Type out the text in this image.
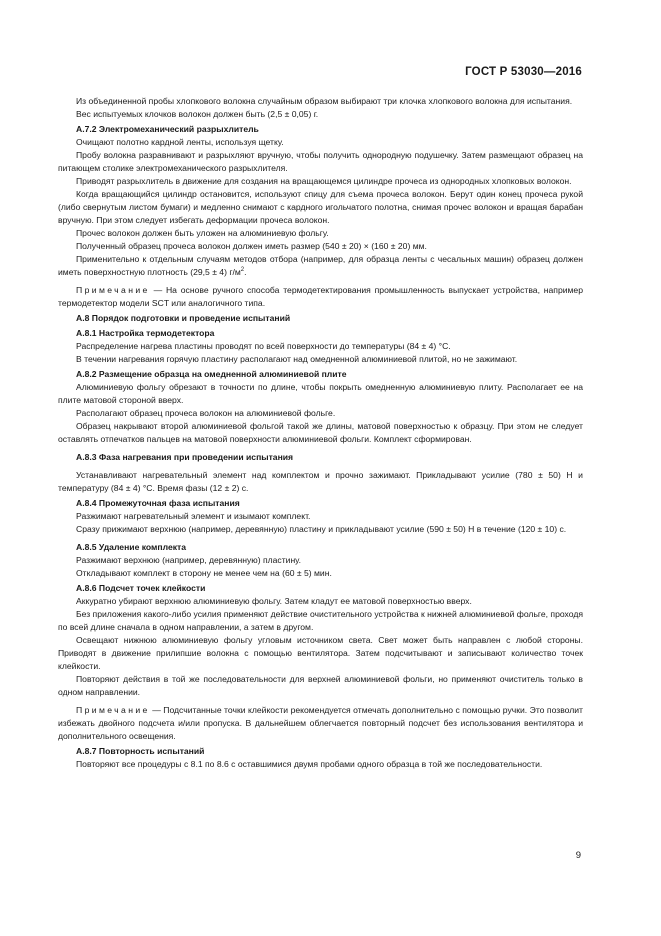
ГОСТ Р 53030—2016
Из объединенной пробы хлопкового волокна случайным образом выбирают три клочка хлопкового волокна для испытания.
Вес испытуемых клочков волокон должен быть (2,5 ± 0,05) г.
А.7.2 Электромеханический разрыхлитель
Очищают полотно кардной ленты, используя щетку.
Пробу волокна разравнивают и разрыхляют вручную, чтобы получить однородную подушечку. Затем размещают образец на питающем столике электромеханического разрыхлителя.
Приводят разрыхлитель в движение для создания на вращающемся цилиндре прочеса из однородных хлопковых волокон.
Когда вращающийся цилиндр остановится, используют спицу для съема прочеса волокон. Берут один конец прочеса рукой (либо свернутым листом бумаги) и медленно снимают с кардного игольчатого полотна, снимая прочес волокон и вращая барабан вручную. При этом следует избегать деформации прочеса волокон.
Прочес волокон должен быть уложен на алюминиевую фольгу.
Полученный образец прочеса волокон должен иметь размер (540 ± 20) × (160 ± 20) мм.
Применительно к отдельным случаям методов отбора (например, для образца ленты с чесальных машин) образец должен иметь поверхностную плотность (29,5 ± 4) $г/м^2$.
Примечание — На основе ручного способа термодетектирования промышленность выпускает устройства, например термодетектор модели SCT или аналогичного типа.
А.8 Порядок подготовки и проведение испытаний
А.8.1 Настройка термодетектора
Распределение нагрева пластины проводят по всей поверхности до температуры (84 ± 4) °С.
В течении нагревания горячую пластину располагают над омедненной алюминиевой плитой, но не зажимают.
А.8.2 Размещение образца на омедненной алюминиевой плите
Алюминиевую фольгу обрезают в точности по длине, чтобы покрыть омедненную алюминиевую плиту. Располагает ее на плите матовой стороной вверх.
Располагают образец прочеса волокон на алюминиевой фольге.
Образец накрывают второй алюминиевой фольгой такой же длины, матовой поверхностью к образцу. При этом не следует оставлять отпечатков пальцев на матовой поверхности алюминиевой фольги. Комплект сформирован.
А.8.3 Фаза нагревания при проведении испытания
Устанавливают нагревательный элемент над комплектом и прочно зажимают. Прикладывают усилие (780 ± 50) Н и температуру (84 ± 4) °С. Время фазы (12 ± 2) с.
А.8.4 Промежуточная фаза испытания
Разжимают нагревательный элемент и изымают комплект.
Сразу прижимают верхнюю (например, деревянную) пластину и прикладывают усилие (590 ± 50) Н в течение (120 ± 10) с.
А.8.5 Удаление комплекта
Разжимают верхнюю (например, деревянную) пластину.
Откладывают комплект в сторону не менее чем на (60 ± 5) мин.
А.8.6 Подсчет точек клейкости
Аккуратно убирают верхнюю алюминиевую фольгу. Затем кладут ее матовой поверхностью вверх.
Без приложения какого-либо усилия применяют действие очистительного устройства к нижней алюминиевой фольге, проходя по всей длине сначала в одном направлении, а затем в другом.
Освещают нижнюю алюминиевую фольгу угловым источником света. Свет может быть направлен с любой стороны. Приводят в движение прилипшие волокна с помощью вентилятора. Затем подсчитывают и записывают количество точек клейкости.
Повторяют действия в той же последовательности для верхней алюминиевой фольги, но применяют очиститель только в одном направлении.
Примечание — Подсчитанные точки клейкости рекомендуется отмечать дополнительно с помощью ручки. Это позволит избежать двойного подсчета и/или пропуска. В дальнейшем облегчается повторный подсчет без использования вентилятора и дополнительного освещения.
А.8.7 Повторность испытаний
Повторяют все процедуры с 8.1 по 8.6 с оставшимися двумя пробами одного образца в той же последовательности.
9
